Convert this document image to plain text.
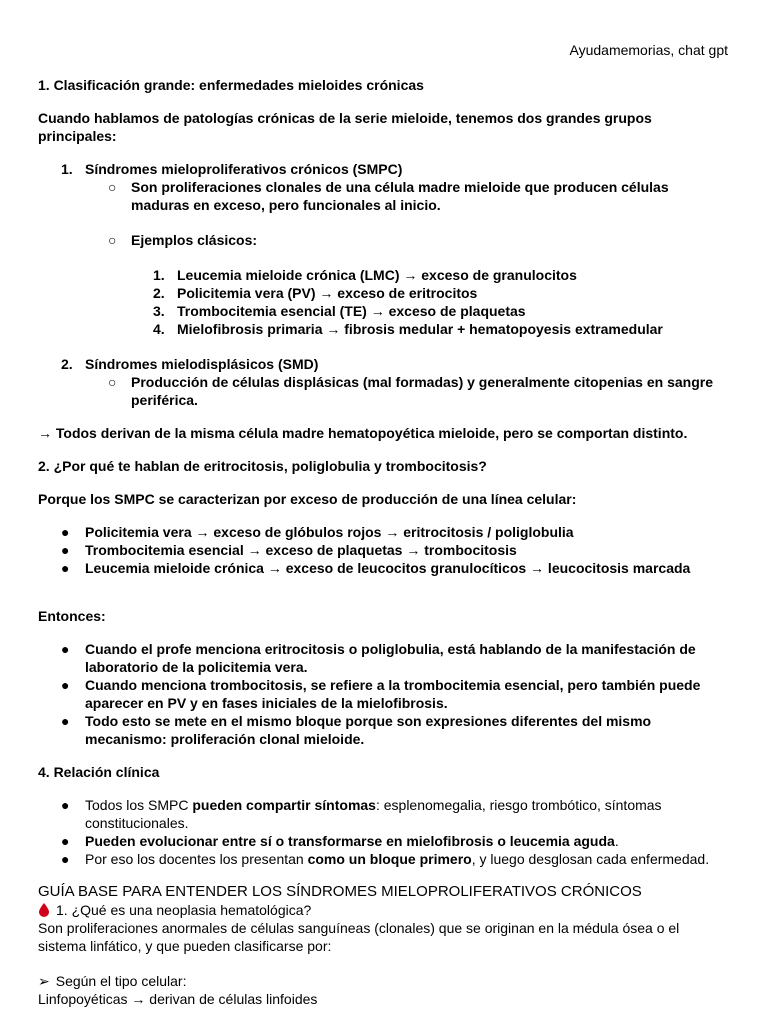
Ayudamemorias, chat gpt

1. Clasificación grande: enfermedades mieloides crónicas

Cuando hablamos de patologías crónicas de la serie mieloide, tenemos dos grandes grupos principales:

1. Síndromes mieloproliferativos crónicos (SMPC)
○ Son proliferaciones clonales de una célula madre mieloide que producen células maduras en exceso, pero funcionales al inicio.
○ Ejemplos clásicos:
1. Leucemia mieloide crónica (LMC) → exceso de granulocitos
2. Policitemia vera (PV) → exceso de eritrocitos
3. Trombocitemia esencial (TE) → exceso de plaquetas
4. Mielofibrosis primaria → fibrosis medular + hematopoyesis extramedular
2. Síndromes mielodisplásicos (SMD)
○ Producción de células displásicas (mal formadas) y generalmente citopenias en sangre periférica.

→ Todos derivan de la misma célula madre hematopoyética mieloide, pero se comportan distinto.

2. ¿Por qué te hablan de eritrocitosis, poliglobulia y trombocitosis?

Porque los SMPC se caracterizan por exceso de producción de una línea celular:

● Policitemia vera → exceso de glóbulos rojos → eritrocitosis / poliglobulia
● Trombocitemia esencial → exceso de plaquetas → trombocitosis
● Leucemia mieloide crónica → exceso de leucocitos granulocíticos → leucocitosis marcada

Entonces:

● Cuando el profe menciona eritrocitosis o poliglobulia, está hablando de la manifestación de laboratorio de la policitemia vera.
● Cuando menciona trombocitosis, se refiere a la trombocitemia esencial, pero también puede aparecer en PV y en fases iniciales de la mielofibrosis.
● Todo esto se mete en el mismo bloque porque son expresiones diferentes del mismo mecanismo: proliferación clonal mieloide.

4. Relación clínica

● Todos los SMPC pueden compartir síntomas: esplenomegalia, riesgo trombótico, síntomas constitucionales.
● Pueden evolucionar entre sí o transformarse en mielofibrosis o leucemia aguda.
● Por eso los docentes los presentan como un bloque primero, y luego desglosan cada enfermedad.

GUÍA BASE PARA ENTENDER LOS SÍNDROMES MIELOPROLIFERATIVOS CRÓNICOS

1. ¿Qué es una neoplasia hematológica?

Son proliferaciones anormales de células sanguíneas (clonales) que se originan en la médula ósea o el sistema linfático, y que pueden clasificarse por:

➢ Según el tipo celular:

Linfopoyéticas → derivan de células linfoides
